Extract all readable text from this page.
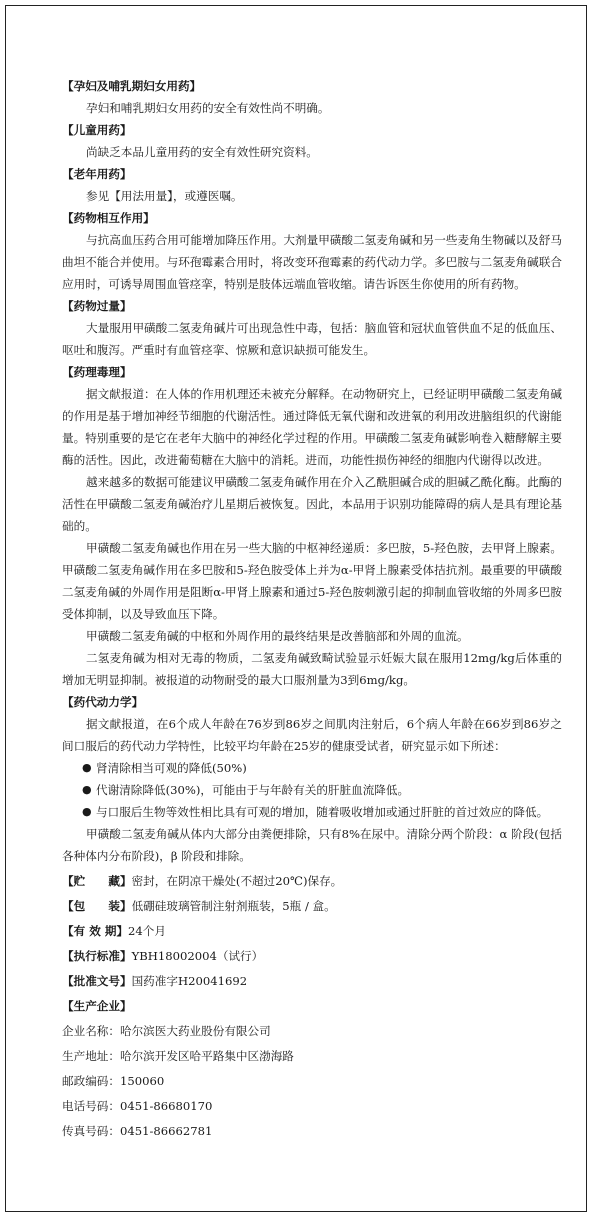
【孕妇及哺乳期妇女用药】
孕妇和哺乳期妇女用药的安全有效性尚不明确。
【儿童用药】
尚缺乏本品儿童用药的安全有效性研究资料。
【老年用药】
参见【用法用量】，或遵医嘱。
【药物相互作用】
与抗高血压药合用可能增加降压作用。大剂量甲磺酸二氢麦角碱和另一些麦角生物碱以及舒马曲坦不能合并使用。与环孢霉素合用时，将改变环孢霉素的药代动力学。多巴胺与二氢麦角碱联合应用时，可诱导周围血管痉挛，特别是肢体远端血管收缩。请告诉医生你使用的所有药物。
【药物过量】
大量服用甲磺酸二氢麦角碱片可出现急性中毒，包括：脑血管和冠状血管供血不足的低血压、呕吐和腹泻。严重时有血管痉挛、惊厥和意识缺损可能发生。
【药理毒理】
据文献报道：在人体的作用机理还未被充分解释。在动物研究上，已经证明甲磺酸二氢麦角碱的作用是基于增加神经节细胞的代谢活性。通过降低无氧代谢和改进氧的利用改进脑组织的代谢能量。特别重要的是它在老年大脑中的神经化学过程的作用。甲磺酸二氢麦角碱影响卷入糖酵解主要酶的活性。因此，改进葡萄糖在大脑中的消耗。进而，功能性损伤神经的细胞内代谢得以改进。
越来越多的数据可能建议甲磺酸二氢麦角碱作用在介入乙酰胆碱合成的胆碱乙酰化酶。此酶的活性在甲磺酸二氢麦角碱治疗儿星期后被恢复。因此，本品用于识别功能障碍的病人是具有理论基础的。
甲磺酸二氢麦角碱也作用在另一些大脑的中枢神经递质：多巴胺，5-羟色胺，去甲肾上腺素。甲磺酸二氢麦角碱作用在多巴胺和5-羟色胺受体上并为α-甲肾上腺素受体拮抗剂。最重要的甲磺酸二氢麦角碱的外周作用是阻断α-甲肾上腺素和通过5-羟色胺刺激引起的抑制血管收缩的外周多巴胺受体抑制，以及导致血压下降。
甲磺酸二氢麦角碱的中枢和外周作用的最终结果是改善脑部和外周的血流。
二氢麦角碱为相对无毒的物质，二氢麦角碱致畸试验显示妊娠大鼠在服用12mg/kg后体重的增加无明显抑制。被报道的动物耐受的最大口服剂量为3到6mg/kg。
【药代动力学】
据文献报道，在6个成人年龄在76岁到86岁之间肌肉注射后，6个病人年龄在66岁到86岁之间口服后的药代动力学特性，比较平均年龄在25岁的健康受试者，研究显示如下所述：
● 肾清除相当可观的降低(50%)
● 代谢清除降低(30%)，可能由于与年龄有关的肝脏血流降低。
● 与口服后生物等效性相比具有可观的增加，随着吸收增加或通过肝脏的首过效应的降低。
甲磺酸二氢麦角碱从体内大部分由粪便排除，只有8%在尿中。清除分两个阶段：α 阶段(包括各种体内分布阶段)，β 阶段和排除。
【贮　　藏】密封，在阴凉干燥处(不超过20℃)保存。
【包　　装】低硼硅玻璃管制注射剂瓶装，5瓶 / 盒。
【有 效 期】24个月
【执行标准】YBH18002004（试行）
【批准文号】国药准字H20041692
【生产企业】
企业名称：哈尔滨医大药业股份有限公司
生产地址：哈尔滨开发区哈平路集中区渤海路
邮政编码：150060
电话号码：0451-86680170
传真号码：0451-86662781
